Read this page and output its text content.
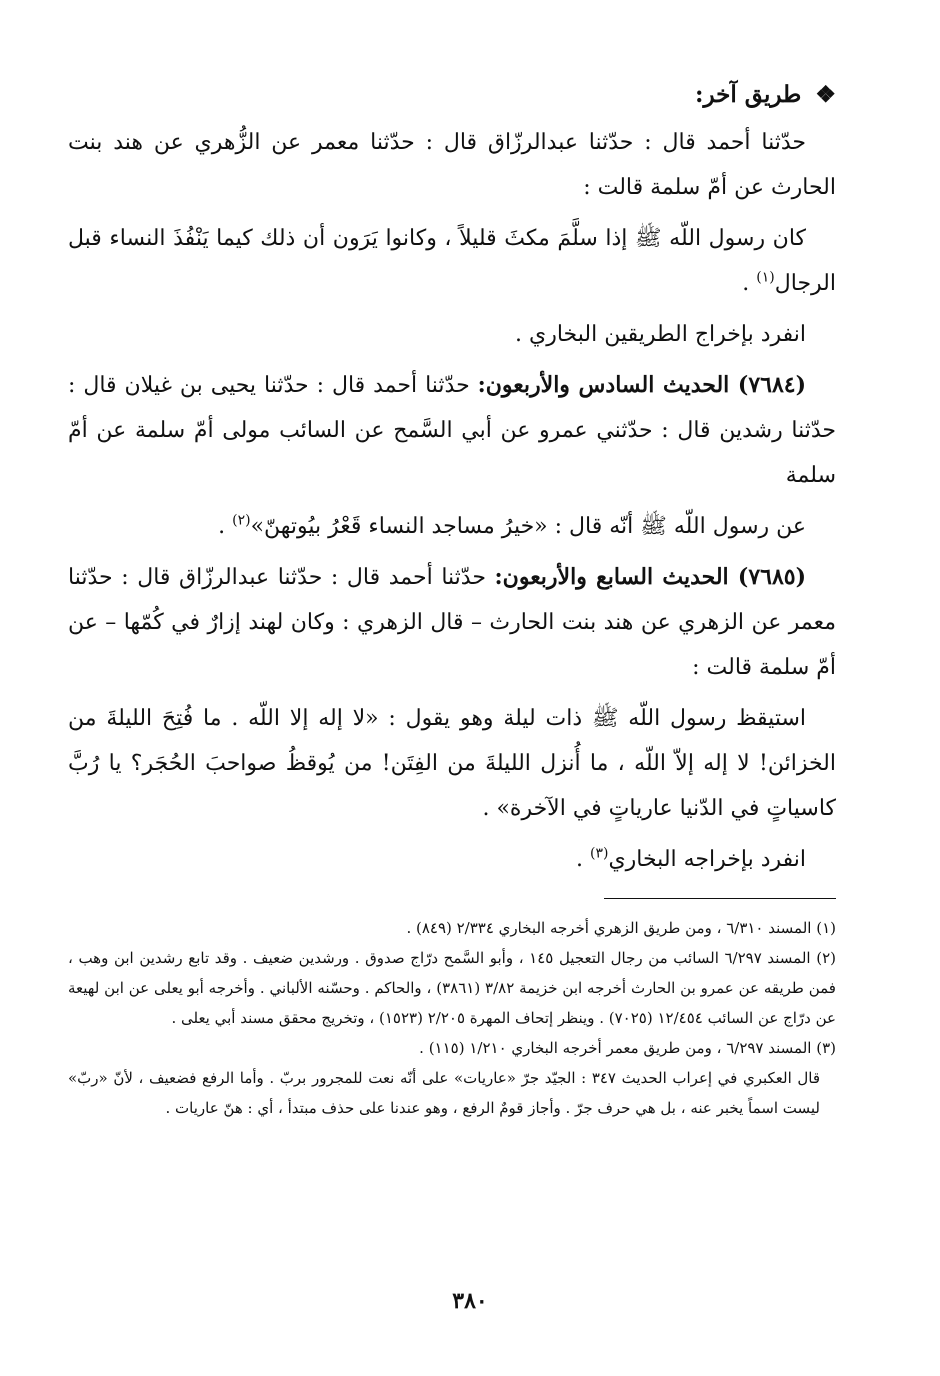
❖ طريق آخر:

حدّثنا أحمد قال : حدّثنا عبدالرزّاق قال : حدّثنا معمر عن الزُّهري عن هند بنت الحارث عن أمّ سلمة قالت :

كان رسول اللّه ﷺ إذا سلَّمَ مكثَ قليلاً ، وكانوا يَرَون أن ذلك كيما يَنْفُذَ النساء قبل الرجال$^{(١)}$ .

انفرد بإخراج الطريقين البخاري .

(٧٦٨٤) الحديث السادس والأربعون: حدّثنا أحمد قال : حدّثنا يحيى بن غيلان قال : حدّثنا رشدين قال : حدّثني عمرو عن أبي السَّمح عن السائب مولى أمّ سلمة عن أمّ سلمة

عن رسول اللّه ﷺ أنّه قال : «خيرُ مساجد النساء قَعْرُ بيُوتهنّ»$^{(٢)}$ .

(٧٦٨٥) الحديث السابع والأربعون: حدّثنا أحمد قال : حدّثنا عبدالرزّاق قال : حدّثنا معمر عن الزهري عن هند بنت الحارث – قال الزهري : وكان لهند إزارٌ في كُمّها – عن أمّ سلمة قالت :

استيقظ رسول اللّه ﷺ ذات ليلة وهو يقول : «لا إله إلا اللّه . ما فُتِحَ الليلةَ من الخزائن! لا إله إلاّ اللّه ، ما أُنزل الليلةَ من الفِتَن! من يُوقظُ صواحبَ الحُجَر؟ يا رُبَّ كاسياتٍ في الدّنيا عارياتٍ في الآخرة» .

انفرد بإخراجه البخاري$^{(٣)}$ .

(١) المسند ٦/٣١٠ ، ومن طريق الزهري أخرجه البخاري ٢/٣٣٤ (٨٤٩) .

(٢) المسند ٦/٢٩٧ السائب من رجال التعجيل ١٤٥ ، وأبو السَّمح درّاج صدوق . ورشدين ضعيف . وقد تابع رشدين ابن وهب ، فمن طريقه عن عمرو بن الحارث أخرجه ابن خزيمة ٣/٨٢ (٣٨٦١) ، والحاكم . وحسّنه الألباني . وأخرجه أبو يعلى عن ابن لهيعة عن درّاج عن السائب ١٢/٤٥٤ (٧٠٢٥) . وينظر إتحاف المهرة ٢/٢٠٥ (١٥٢٣) ، وتخريج محقق مسند أبي يعلى .

(٣) المسند ٦/٢٩٧ ، ومن طريق معمر أخرجه البخاري ١/٢١٠ (١١٥) .

قال العكبري في إعراب الحديث ٣٤٧ : الجيّد جرّ «عاريات» على أنّه نعت للمجرور بربّ . وأما الرفع فضعيف ، لأنّ «ربّ» ليست اسماً يخبر عنه ، بل هي حرف جرّ . وأجاز قومٌ الرفع ، وهو عندنا على حذف مبتدأ ، أي : هنّ عاريات .

٣٨٠
